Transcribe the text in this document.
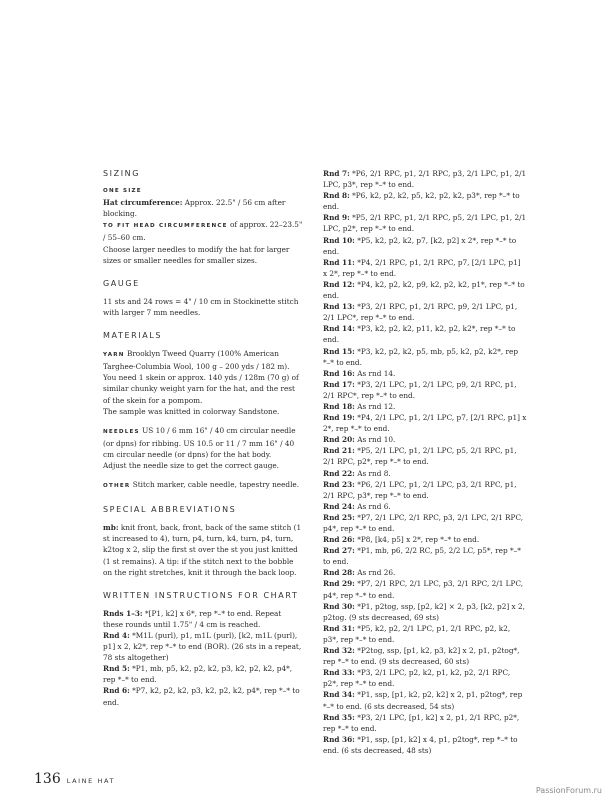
SIZING
ONE SIZE
Hat circumference: Approx. 22.5" / 56 cm after blocking.
TO FIT HEAD CIRCUMFERENCE of approx. 22–23.5" / 55–60 cm.
Choose larger needles to modify the hat for larger sizes or smaller needles for smaller sizes.
GAUGE
11 sts and 24 rows = 4" / 10 cm in Stockinette stitch with larger 7 mm needles.
MATERIALS
YARN Brooklyn Tweed Quarry (100% American Targhee-Columbia Wool, 100 g – 200 yds / 182 m). You need 1 skein or approx. 140 yds / 128m (70 g) of similar chunky weight yarn for the hat, and the rest of the skein for a pompom.
The sample was knitted in colorway Sandstone.
NEEDLES US 10 / 6 mm 16" / 40 cm circular needle (or dpns) for ribbing. US 10.5 or 11 / 7 mm 16" / 40 cm circular needle (or dpns) for the hat body.
Adjust the needle size to get the correct gauge.
OTHER Stitch marker, cable needle, tapestry needle.
SPECIAL ABBREVIATIONS
mb: knit front, back, front, back of the same stitch (1 st increased to 4), turn, p4, turn, k4, turn, p4, turn, k2tog x 2, slip the first st over the st you just knitted (1 st remains). A tip: if the stitch next to the bobble on the right stretches, knit it through the back loop.
WRITTEN INSTRUCTIONS FOR CHART
Rnds 1–3: *[P1, k2] x 6*, rep *–* to end. Repeat these rounds until 1.75" / 4 cm is reached.
Rnd 4: *M1L (purl), p1, m1L (purl), [k2, m1L (purl), p1] x 2, k2*, rep *–* to end (BOR). (26 sts in a repeat, 78 sts altogether)
Rnd 5: *P1, mb, p5, k2, p2, k2, p3, k2, p2, k2, p4*, rep *–* to end.
Rnd 6: *P7, k2, p2, k2, p3, k2, p2, k2, p4*, rep *–* to end.
Rnd 7: *P6, 2/1 RPC, p1, 2/1 RPC, p3, 2/1 LPC, p1, 2/1 LPC, p3*, rep *–* to end.
Rnd 8: *P6, k2, p2, k2, p5, k2, p2, k2, p3*, rep *–* to end.
Rnd 9: *P5, 2/1 RPC, p1, 2/1 RPC, p5, 2/1 LPC, p1, 2/1 LPC, p2*, rep *–* to end.
Rnd 10: *P5, k2, p2, k2, p7, [k2, p2] x 2*, rep *–* to end.
Rnd 11: *P4, 2/1 RPC, p1, 2/1 RPC, p7, [2/1 LPC, p1] x 2*, rep *–* to end.
Rnd 12: *P4, k2, p2, k2, p9, k2, p2, k2, p1*, rep *–* to end.
Rnd 13: *P3, 2/1 RPC, p1, 2/1 RPC, p9, 2/1 LPC, p1, 2/1 LPC*, rep *–* to end.
Rnd 14: *P3, k2, p2, k2, p11, k2, p2, k2*, rep *–* to end.
Rnd 15: *P3, k2, p2, k2, p5, mb, p5, k2, p2, k2*, rep *–* to end.
Rnd 16: As rnd 14.
Rnd 17: *P3, 2/1 LPC, p1, 2/1 LPC, p9, 2/1 RPC, p1, 2/1 RPC*, rep *–* to end.
Rnd 18: As rnd 12.
Rnd 19: *P4, 2/1 LPC, p1, 2/1 LPC, p7, [2/1 RPC, p1] x 2*, rep *–* to end.
Rnd 20: As rnd 10.
Rnd 21: *P5, 2/1 LPC, p1, 2/1 LPC, p5, 2/1 RPC, p1, 2/1 RPC, p2*, rep *–* to end.
Rnd 22: As rnd 8.
Rnd 23: *P6, 2/1 LPC, p1, 2/1 LPC, p3, 2/1 RPC, p1, 2/1 RPC, p3*, rep *–* to end.
Rnd 24: As rnd 6.
Rnd 25: *P7, 2/1 LPC, 2/1 RPC, p3, 2/1 LPC, 2/1 RPC, p4*, rep *–* to end.
Rnd 26: *P8, [k4, p5] x 2*, rep *–* to end.
Rnd 27: *P1, mb, p6, 2/2 RC, p5, 2/2 LC, p5*, rep *–* to end.
Rnd 28: As rnd 26.
Rnd 29: *P7, 2/1 RPC, 2/1 LPC, p3, 2/1 RPC, 2/1 LPC, p4*, rep *–* to end.
Rnd 30: *P1, p2tog, ssp, [p2, k2] × 2, p3, [k2, p2] x 2, p2tog. (9 sts decreased, 69 sts)
Rnd 31: *P5, k2, p2, 2/1 LPC, p1, 2/1 RPC, p2, k2, p3*, rep *–* to end.
Rnd 32: *P2tog, ssp, [p1, k2, p3, k2] x 2, p1, p2tog*, rep *–* to end. (9 sts decreased, 60 sts)
Rnd 33: *P3, 2/1 LPC, p2, k2, p1, k2, p2, 2/1 RPC, p2*, rep *–* to end.
Rnd 34: *P1, ssp, [p1, k2, p2, k2] x 2, p1, p2tog*, rep *–* to end. (6 sts decreased, 54 sts)
Rnd 35: *P3, 2/1 LPC, [p1, k2] x 2, p1, 2/1 RPC, p2*, rep *–* to end.
Rnd 36: *P1, ssp, [p1, k2] x 4, p1, p2tog*, rep *–* to end. (6 sts decreased, 48 sts)
136 LAINE HAT
PassionForum.ru
